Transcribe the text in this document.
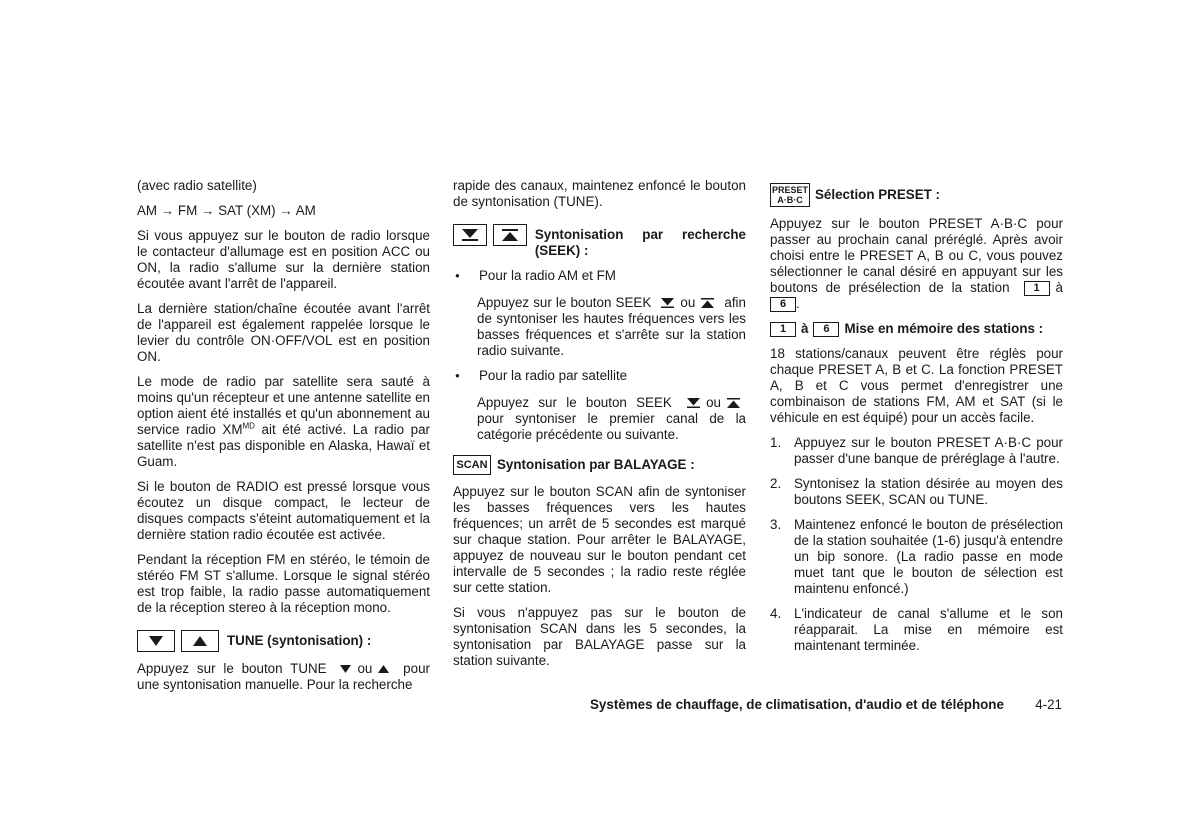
(avec radio satellite)

AM → FM → SAT (XM) → AM

Si vous appuyez sur le bouton de radio lorsque le contacteur d'allumage est en position ACC ou ON, la radio s'allume sur la dernière station écoutée avant l'arrêt de l'appareil.

La dernière station/chaîne écoutée avant l'arrêt de l'appareil est également rappelée lorsque le levier du contrôle ON·OFF/VOL est en position ON.

Le mode de radio par satellite sera sauté à moins qu'un récepteur et une antenne satellite en option aient été installés et qu'un abonnement au service radio $XM^{MD}$ ait été activé. La radio par satellite n'est pas disponible en Alaska, Hawaï et Guam.

Si le bouton de RADIO est pressé lorsque vous écoutez un disque compact, le lecteur de disques compacts s'éteint automatiquement et la dernière station radio écoutée est activée.

Pendant la réception FM en stéréo, le témoin de stéréo FM ST s'allume. Lorsque le signal stéréo est trop faible, la radio passe automatiquement de la réception stereo à la réception mono.

TUNE (syntonisation) :

Appuyez sur le bouton TUNE ou pour une syntonisation manuelle. Pour la recherche

rapide des canaux, maintenez enfoncé le bouton de syntonisation (TUNE).

Syntonisation par recherche (SEEK) :
●
Pour la radio AM et FM

Appuyez sur le bouton SEEK ou afin de syntoniser les hautes fréquences vers les basses fréquences et s'arrête sur la station radio suivante.

●
Pour la radio par satellite

Appuyez sur le bouton SEEK	ou pour syntoniser le premier canal de la catégorie précédente ou suivante.

SCAN Syntonisation par BALAYAGE :

Appuyez sur le bouton SCAN afin de syntoniser les basses fréquences vers les hautes fréquences; un arrêt de 5 secondes est marqué sur chaque station. Pour arrêter le BALAYAGE, appuyez de nouveau sur le bouton pendant cet intervalle de 5 secondes ; la radio reste réglée sur cette station.

Si vous n'appuyez pas sur le bouton de syntonisation SCAN dans les 5 secondes, la syntonisation par BALAYAGE passe sur la station suivante.

PRESET
A·B·C Sélection PRESET :

Appuyez sur le bouton PRESET A·B·C pour passer au prochain canal préréglé. Après avoir choisi entre le PRESET A, B ou C, vous pouvez sélectionner le canal désiré en appuyant sur les boutons de présélection de la station 1 à 6 .

1	à	6	Mise en mémoire des stations :

18 stations/canaux peuvent être réglès pour chaque PRESET A, B et C. La fonction PRESET A, B et C vous permet d'enregistrer une combinaison de stations FM, AM et SAT (si le véhicule en est équipé) pour un accès facile.

1. Appuyez sur le bouton PRESET A·B·C pour passer d'une banque de préréglage à l'autre.
2. Syntonisez la station désirée au moyen des boutons SEEK, SCAN ou TUNE.
3. Maintenez enfoncé le bouton de présélection de la station souhaitée (1-6) jusqu'à entendre un bip sonore. (La radio passe en mode muet tant que le bouton de sélection est maintenu enfoncé.)
4. L'indicateur de canal s'allume et le son réapparait. La mise en mémoire est maintenant terminée.
Systèmes de chauffage, de climatisation, d'audio et de téléphone 4-21
